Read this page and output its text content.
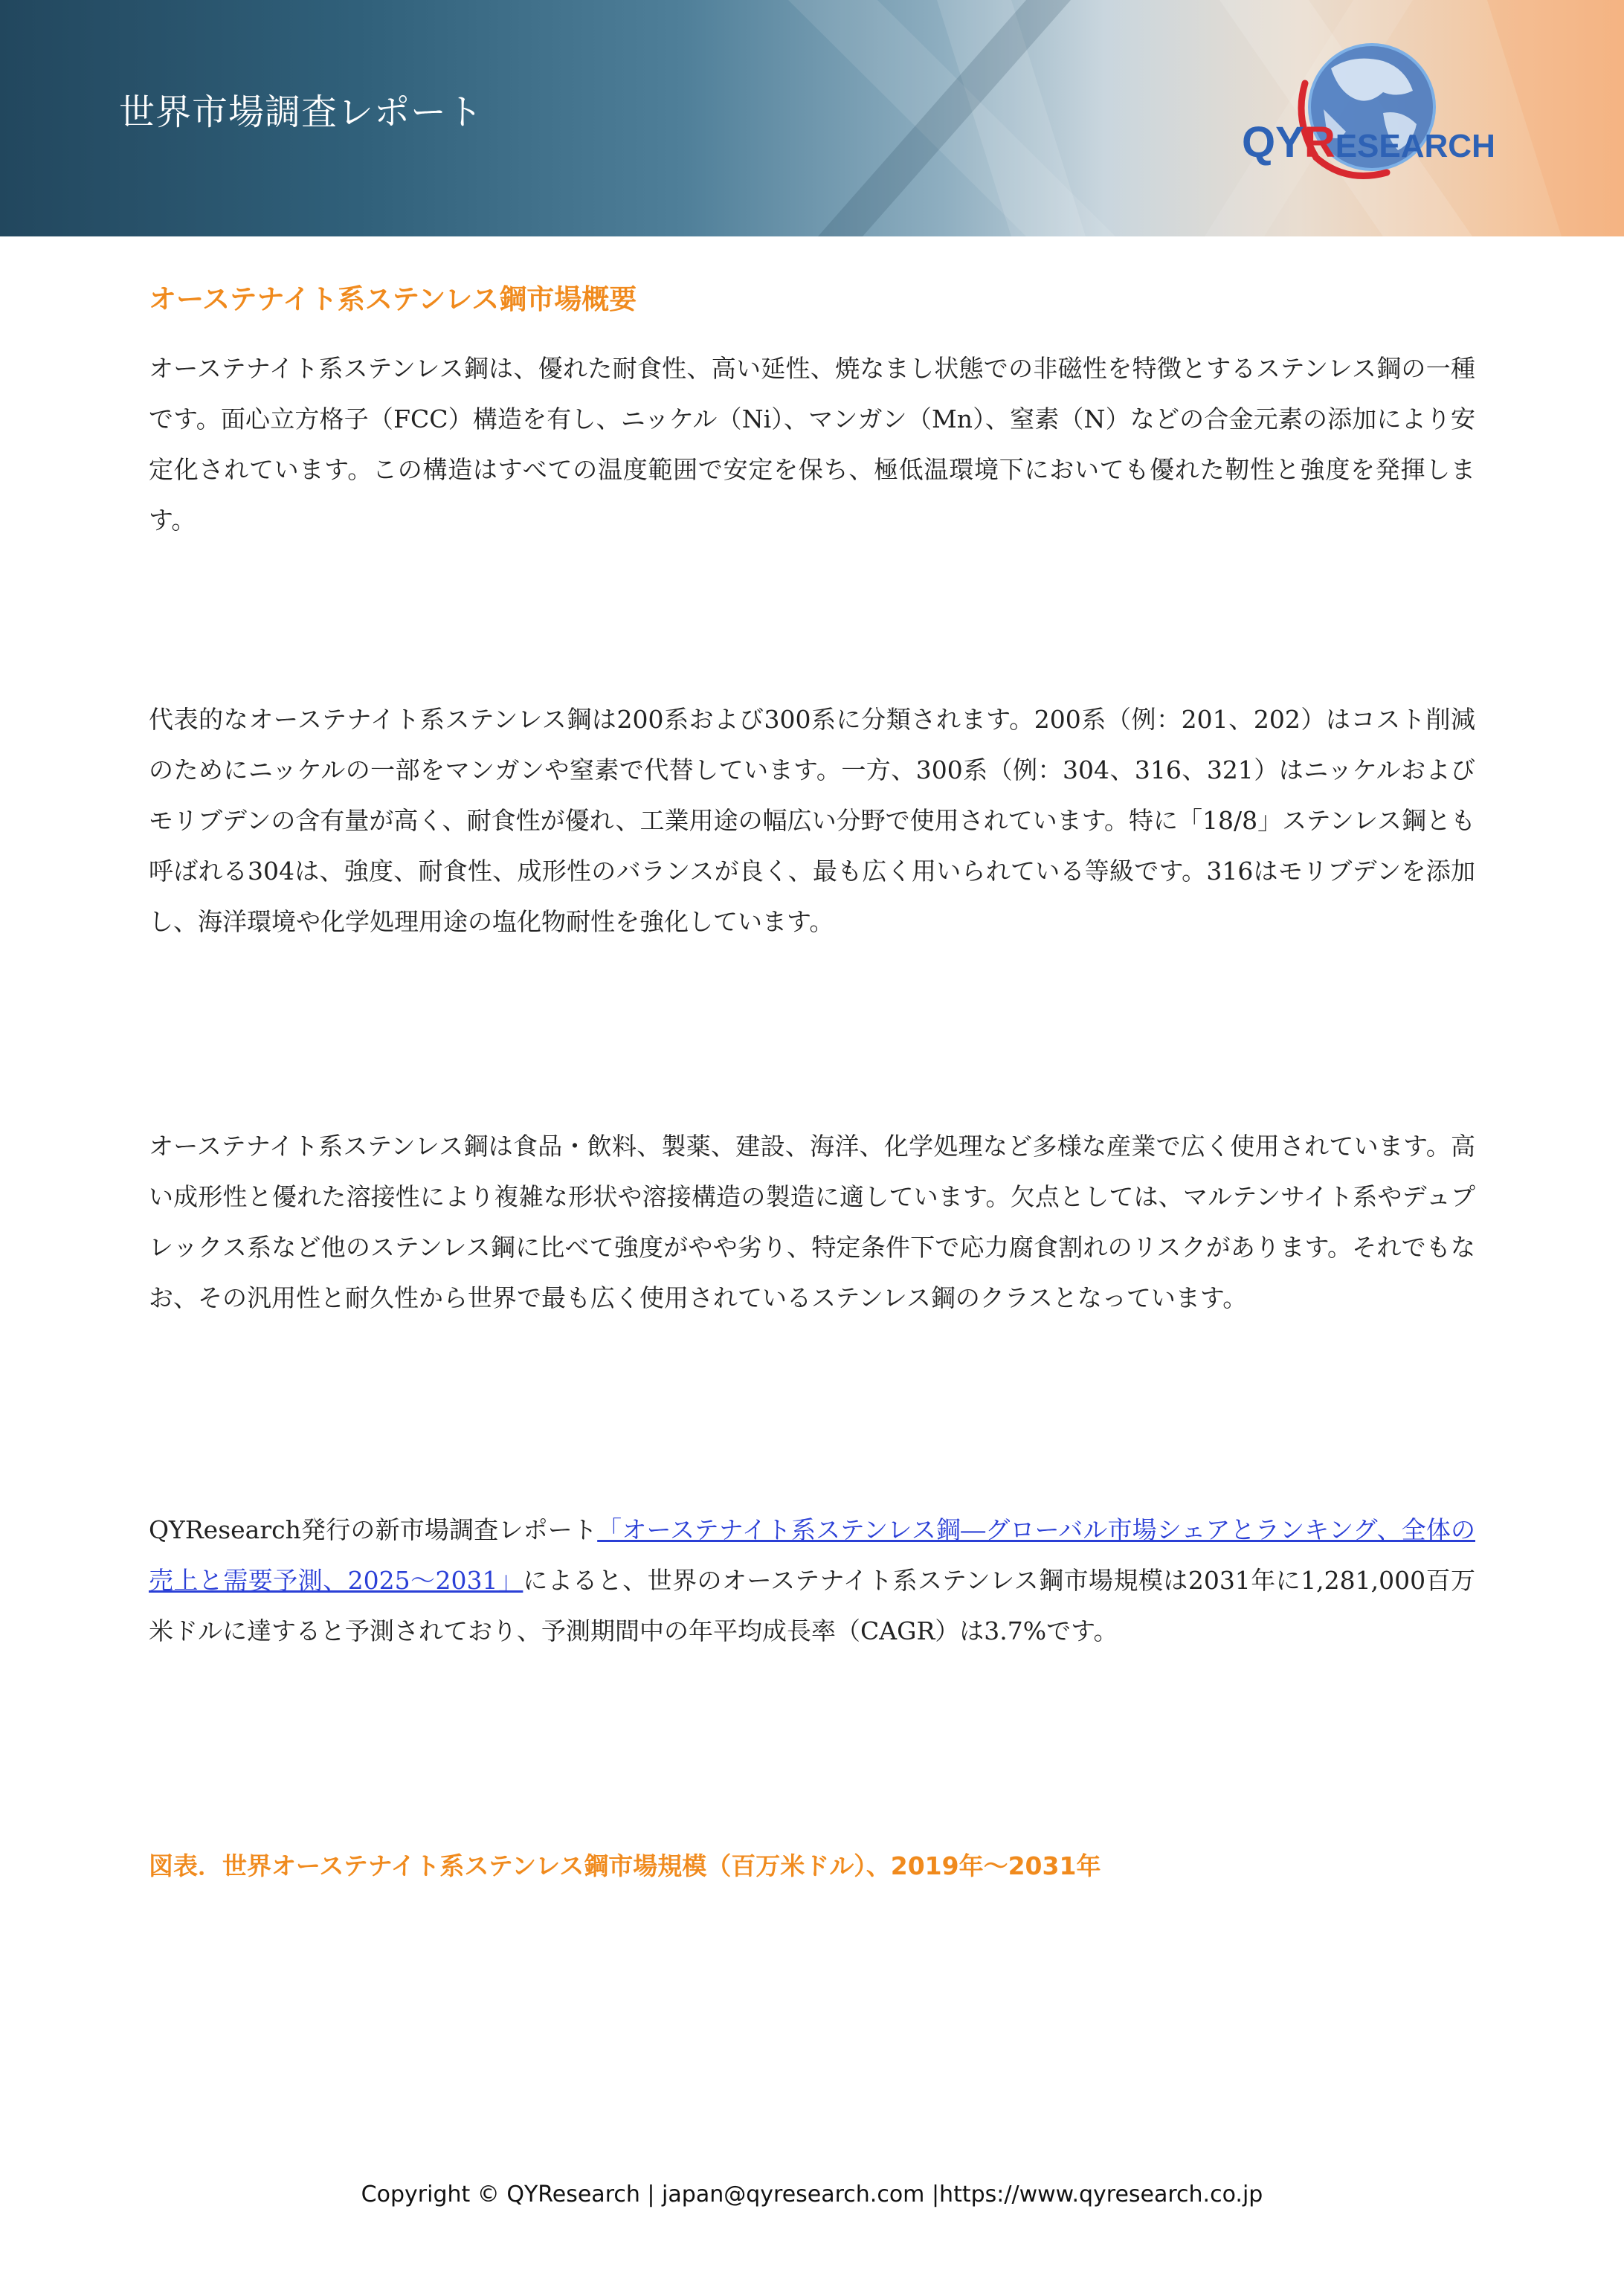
世界市場調査レポート
QYRESEARCH
オーステナイト系ステンレス鋼市場概要

オーステナイト系ステンレス鋼は、優れた耐食性、高い延性、焼なまし状態での非磁性を特徴とするステンレス鋼の一種です。面心立方格子（FCC）構造を有し、ニッケル（Ni）、マンガン（Mn）、窒素（N）などの合金元素の添加により安定化されています。この構造はすべての温度範囲で安定を保ち、極低温環境下においても優れた靭性と強度を発揮します。

代表的なオーステナイト系ステンレス鋼は200系および300系に分類されます。200系（例：201、202）はコスト削減のためにニッケルの一部をマンガンや窒素で代替しています。一方、300系（例：304、316、321）はニッケルおよびモリブデンの含有量が高く、耐食性が優れ、工業用途の幅広い分野で使用されています。特に「18/8」ステンレス鋼とも呼ばれる304は、強度、耐食性、成形性のバランスが良く、最も広く用いられている等級です。316はモリブデンを添加し、海洋環境や化学処理用途の塩化物耐性を強化しています。

オーステナイト系ステンレス鋼は食品・飲料、製薬、建設、海洋、化学処理など多様な産業で広く使用されています。高い成形性と優れた溶接性により複雑な形状や溶接構造の製造に適しています。欠点としては、マルテンサイト系やデュプレックス系など他のステンレス鋼に比べて強度がやや劣り、特定条件下で応力腐食割れのリスクがあります。それでもなお、その汎用性と耐久性から世界で最も広く使用されているステンレス鋼のクラスとなっています。

QYResearch発行の新市場調査レポート「オーステナイト系ステンレス鋼―グローバル市場シェアとランキング、全体の売上と需要予測、2025～2031」によると、世界のオーステナイト系ステンレス鋼市場規模は2031年に1,281,000百万米ドルに達すると予測されており、予測期間中の年平均成長率（CAGR）は3.7%です。

図表．世界オーステナイト系ステンレス鋼市場規模（百万米ドル）、2019年～2031年
Copyright © QYResearch | japan@qyresearch.com |https://www.qyresearch.co.jp
